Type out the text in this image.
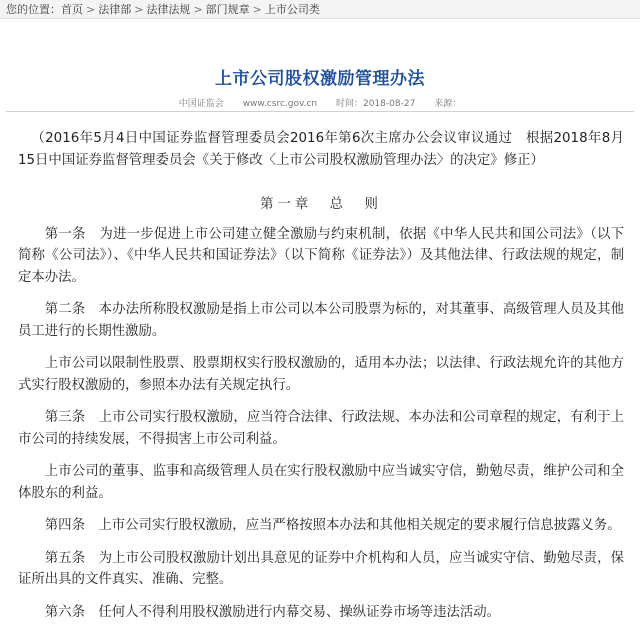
您的位置：首页 > 法律部 > 法律法规 > 部门规章 > 上市公司类
上市公司股权激励管理办法
中国证监会 www.csrc.gov.cn 时间：2018-08-27 来源：

（2016年5月4日中国证券监督管理委员会2016年第6次主席办公会议审议通过　根据2018年8月15日中国证券监督管理委员会《关于修改〈上市公司股权激励管理办法〉的决定》修正）

第一章　总　则

第一条　为进一步促进上市公司建立健全激励与约束机制，依据《中华人民共和国公司法》（以下简称《公司法》）、《中华人民共和国证券法》（以下简称《证券法》）及其他法律、行政法规的规定，制定本办法。

第二条　本办法所称股权激励是指上市公司以本公司股票为标的，对其董事、高级管理人员及其他员工进行的长期性激励。

上市公司以限制性股票、股票期权实行股权激励的，适用本办法；以法律、行政法规允许的其他方式实行股权激励的，参照本办法有关规定执行。

第三条　上市公司实行股权激励，应当符合法律、行政法规、本办法和公司章程的规定，有利于上市公司的持续发展，不得损害上市公司利益。

上市公司的董事、监事和高级管理人员在实行股权激励中应当诚实守信，勤勉尽责，维护公司和全体股东的利益。

第四条　上市公司实行股权激励，应当严格按照本办法和其他相关规定的要求履行信息披露义务。

第五条　为上市公司股权激励计划出具意见的证券中介机构和人员，应当诚实守信、勤勉尽责，保证所出具的文件真实、准确、完整。

第六条　任何人不得利用股权激励进行内幕交易、操纵证券市场等违法活动。
